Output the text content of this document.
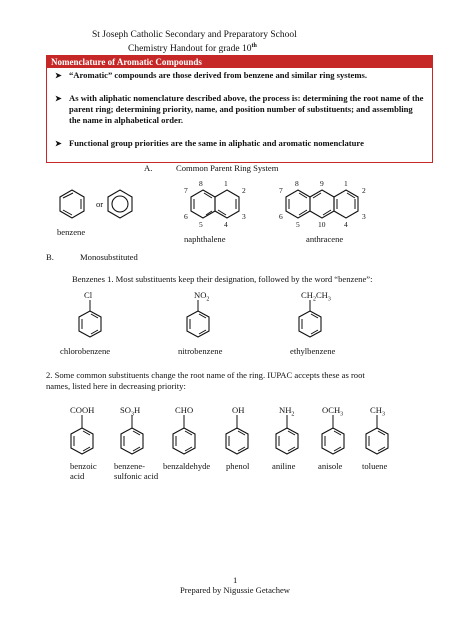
St Joseph Catholic Secondary and Preparatory School
Chemistry Handout for grade 10th
Nomenclature of Aromatic Compounds
➤ “Aromatic” compounds are those derived from benzene and similar ring systems.
➤ As with aliphatic nomenclature described above, the process is: determining the root name of the parent ring; determining priority, name, and position number of substituents; and assembling the name in alphabetical order.
➤ Functional group priorities are the same in aliphatic and aromatic nomenclature
A.	Common Parent Ring System
or
benzene
naphthalene	anthracene
8	1
7	2
6	3
5	4
8	9	1
7	2
6	3
5 10 4
B.	Monosubstituted
Benzenes 1. Most substituents keep their designation, followed by the word “benzene”:
Cl	$NO_2$	$CH_2CH_3$
chlorobenzene	nitrobenzene	ethylbenzene
2. Some common substituents change the root name of the ring. IUPAC accepts these as root
names, listed here in decreasing priority:
COOH	$SO_3H$	CHO	OH	$NH_2$	$OCH_3$	$CH_3$
benzoic
acid
benzene-
sulfonic acid
benzaldehyde phenol	aniline	anisole toluene
1
Prepared by Nigussie Getachew
